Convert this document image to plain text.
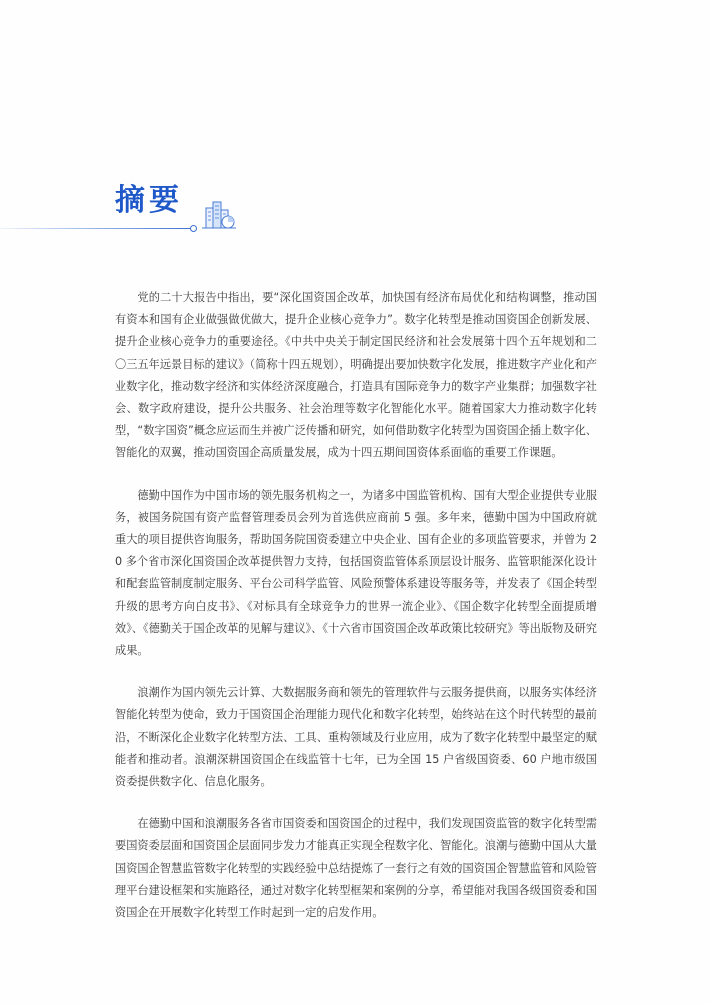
摘要

党的二十大报告中指出，要“深化国资国企改革，加快国有经济布局优化和结构调整，推动国有资本和国有企业做强做优做大，提升企业核心竞争力”。数字化转型是推动国资国企创新发展、提升企业核心竞争力的重要途径。《中共中央关于制定国民经济和社会发展第十四个五年规划和二〇三五年远景目标的建议》（简称十四五规划），明确提出要加快数字化发展，推进数字产业化和产业数字化，推动数字经济和实体经济深度融合，打造具有国际竞争力的数字产业集群；加强数字社会、数字政府建设，提升公共服务、社会治理等数字化智能化水平。随着国家大力推动数字化转型，“数字国资”概念应运而生并被广泛传播和研究，如何借助数字化转型为国资国企插上数字化、智能化的双翼，推动国资国企高质量发展，成为十四五期间国资体系面临的重要工作课题。

德勤中国作为中国市场的领先服务机构之一，为诸多中国监管机构、国有大型企业提供专业服务，被国务院国有资产监督管理委员会列为首选供应商前 5 强。多年来，德勤中国为中国政府就重大的项目提供咨询服务，帮助国务院国资委建立中央企业、国有企业的多项监管要求，并曾为 20 多个省市深化国资国企改革提供智力支持，包括国资监管体系顶层设计服务、监管职能深化设计和配套监管制度制定服务、平台公司科学监管、风险预警体系建设等服务等，并发表了《国企转型升级的思考方向白皮书》、《对标具有全球竞争力的世界一流企业》、《国企数字化转型全面提质增效》、《德勤关于国企改革的见解与建议》、《十六省市国资国企改革政策比较研究》等出版物及研究成果。

浪潮作为国内领先云计算、大数据服务商和领先的管理软件与云服务提供商，以服务实体经济智能化转型为使命，致力于国资国企治理能力现代化和数字化转型，始终站在这个时代转型的最前沿，不断深化企业数字化转型方法、工具、重构领域及行业应用，成为了数字化转型中最坚定的赋能者和推动者。浪潮深耕国资国企在线监管十七年，已为全国 15 户省级国资委、60 户地市级国资委提供数字化、信息化服务。

在德勤中国和浪潮服务各省市国资委和国资国企的过程中，我们发现国资监管的数字化转型需要国资委层面和国资国企层面同步发力才能真正实现全程数字化、智能化。浪潮与德勤中国从大量国资国企智慧监管数字化转型的实践经验中总结提炼了一套行之有效的国资国企智慧监管和风险管理平台建设框架和实施路径，通过对数字化转型框架和案例的分享，希望能对我国各级国资委和国资国企在开展数字化转型工作时起到一定的启发作用。
